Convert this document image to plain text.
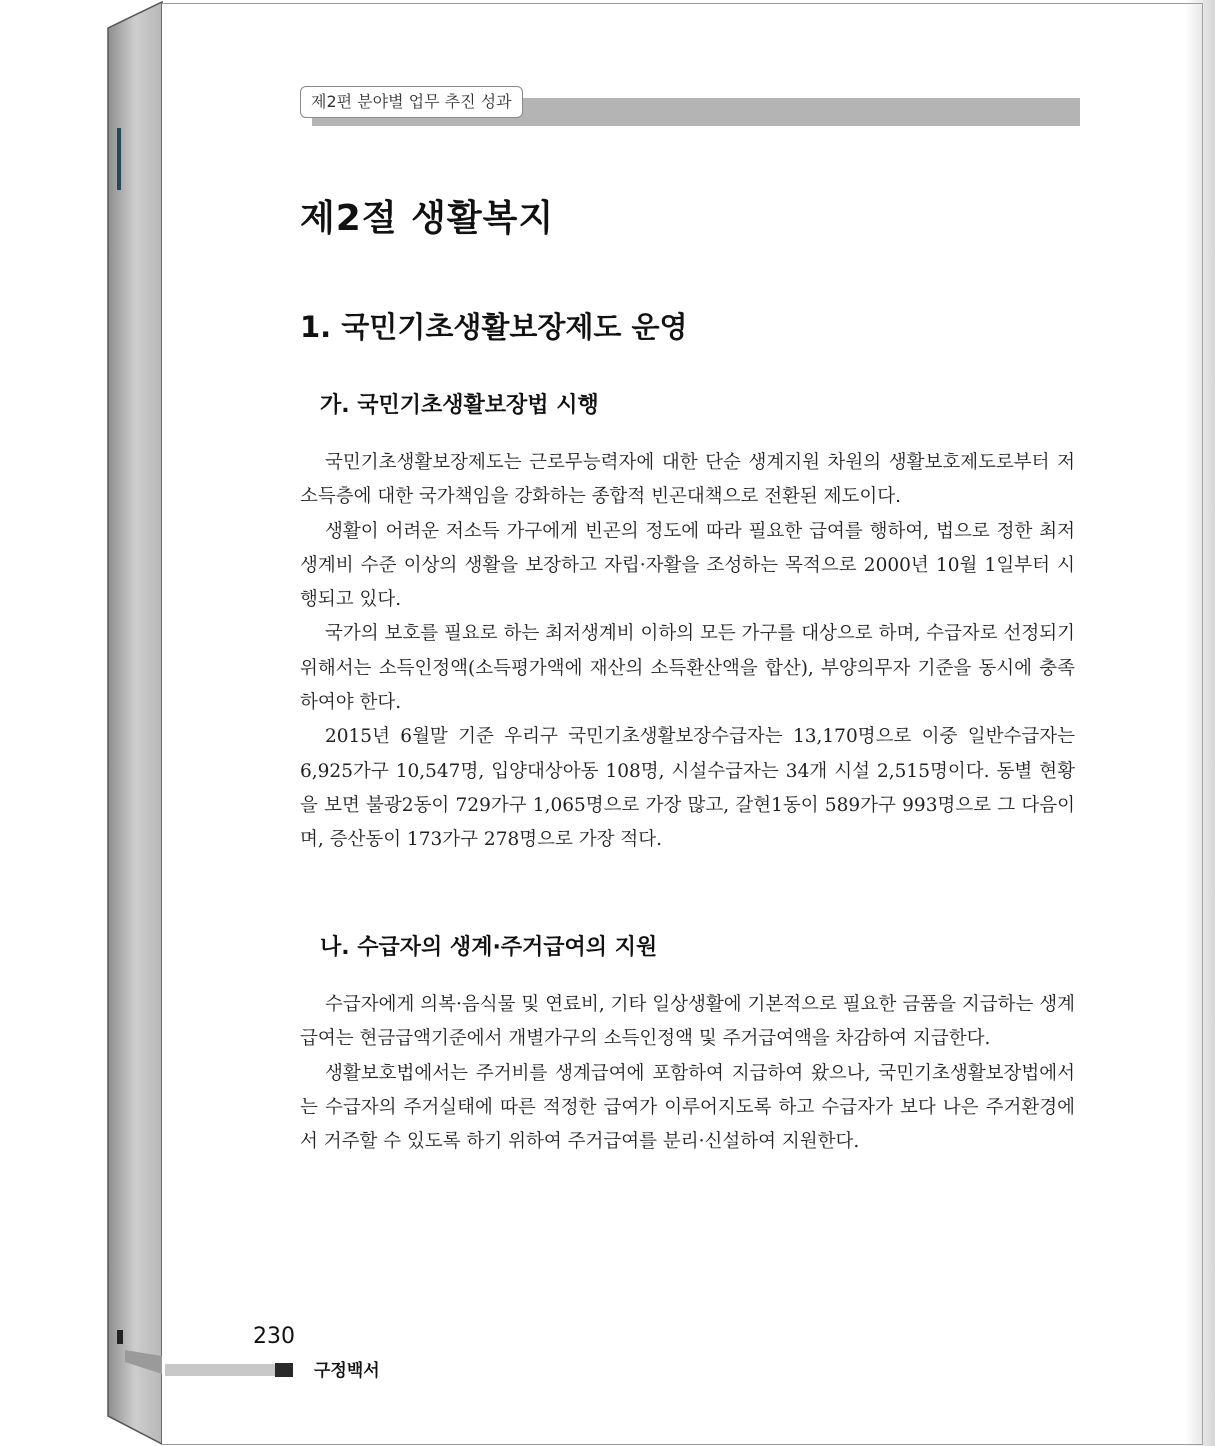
제2편 분야별 업무 추진 성과
제2절 생활복지
1. 국민기초생활보장제도 운영
가. 국민기초생활보장법 시행

국민기초생활보장제도는 근로무능력자에 대한 단순 생계지원 차원의 생활보호제도로부터 저소득층에 대한 국가책임을 강화하는 종합적 빈곤대책으로 전환된 제도이다.

생활이 어려운 저소득 가구에게 빈곤의 정도에 따라 필요한 급여를 행하여, 법으로 정한 최저생계비 수준 이상의 생활을 보장하고 자립·자활을 조성하는 목적으로 2000년 10월 1일부터 시행되고 있다.

국가의 보호를 필요로 하는 최저생계비 이하의 모든 가구를 대상으로 하며, 수급자로 선정되기 위해서는 소득인정액(소득평가액에 재산의 소득환산액을 합산), 부양의무자 기준을 동시에 충족하여야 한다.

2015년 6월말 기준 우리구 국민기초생활보장수급자는 13,170명으로 이중 일반수급자는 6,925가구 10,547명, 입양대상아동 108명, 시설수급자는 34개 시설 2,515명이다. 동별 현황을 보면 불광2동이 729가구 1,065명으로 가장 많고, 갈현1동이 589가구 993명으로 그 다음이며, 증산동이 173가구 278명으로 가장 적다.

나. 수급자의 생계·주거급여의 지원

수급자에게 의복·음식물 및 연료비, 기타 일상생활에 기본적으로 필요한 금품을 지급하는 생계급여는 현금급액기준에서 개별가구의 소득인정액 및 주거급여액을 차감하여 지급한다.

생활보호법에서는 주거비를 생계급여에 포함하여 지급하여 왔으나, 국민기초생활보장법에서는 수급자의 주거실태에 따른 적정한 급여가 이루어지도록 하고 수급자가 보다 나은 주거환경에서 거주할 수 있도록 하기 위하여 주거급여를 분리·신설하여 지원한다.

230
구정백서
